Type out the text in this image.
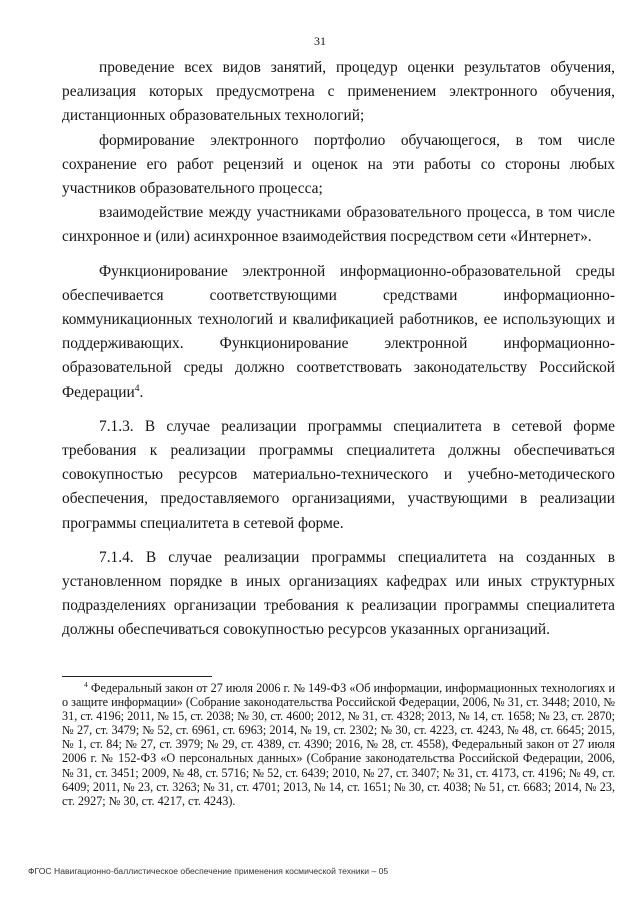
31

проведение всех видов занятий, процедур оценки результатов обучения, реализация которых предусмотрена с применением электронного обучения, дистанционных образовательных технологий;

формирование электронного портфолио обучающегося, в том числе сохранение его работ рецензий и оценок на эти работы со стороны любых участников образовательного процесса;

взаимодействие между участниками образовательного процесса, в том числе синхронное и (или) асинхронное взаимодействия посредством сети «Интернет».

Функционирование электронной информационно-образовательной среды обеспечивается соответствующими средствами информационно-коммуникационных технологий и квалификацией работников, ее использующих и поддерживающих. Функционирование электронной информационно-образовательной среды должно соответствовать законодательству Российской Федерации$^4$.

7.1.3. В случае реализации программы специалитета в сетевой форме требования к реализации программы специалитета должны обеспечиваться совокупностью ресурсов материально-технического и учебно-методического обеспечения, предоставляемого организациями, участвующими в реализации программы специалитета в сетевой форме.

7.1.4. В случае реализации программы специалитета на созданных в установленном порядке в иных организациях кафедрах или иных структурных подразделениях организации требования к реализации программы специалитета должны обеспечиваться совокупностью ресурсов указанных организаций.

$^4$ Федеральный закон от 27 июля 2006 г. № 149-ФЗ «Об информации, информационных технологиях и о защите информации» (Собрание законодательства Российской Федерации, 2006, № 31, ст. 3448; 2010, № 31, ст. 4196; 2011, № 15, ст. 2038; № 30, ст. 4600; 2012, № 31, ст. 4328; 2013, № 14, ст. 1658; № 23, ст. 2870; № 27, ст. 3479; № 52, ст. 6961, ст. 6963; 2014, № 19, ст. 2302; № 30, ст. 4223, ст. 4243, № 48, ст. 6645; 2015, № 1, ст. 84; № 27, ст. 3979; № 29, ст. 4389, ст. 4390; 2016, № 28, ст. 4558), Федеральный закон от 27 июля 2006 г. № 152-ФЗ «О персональных данных» (Собрание законодательства Российской Федерации, 2006, № 31, ст. 3451; 2009, № 48, ст. 5716; № 52, ст. 6439; 2010, № 27, ст. 3407; № 31, ст. 4173, ст. 4196; № 49, ст. 6409; 2011, № 23, ст. 3263; № 31, ст. 4701; 2013, № 14, ст. 1651; № 30, ст. 4038; № 51, ст. 6683; 2014, № 23, ст. 2927; № 30, ст. 4217, ст. 4243).

ФГОС Навигационно-баллистическое обеспечение применения космической техники – 05
